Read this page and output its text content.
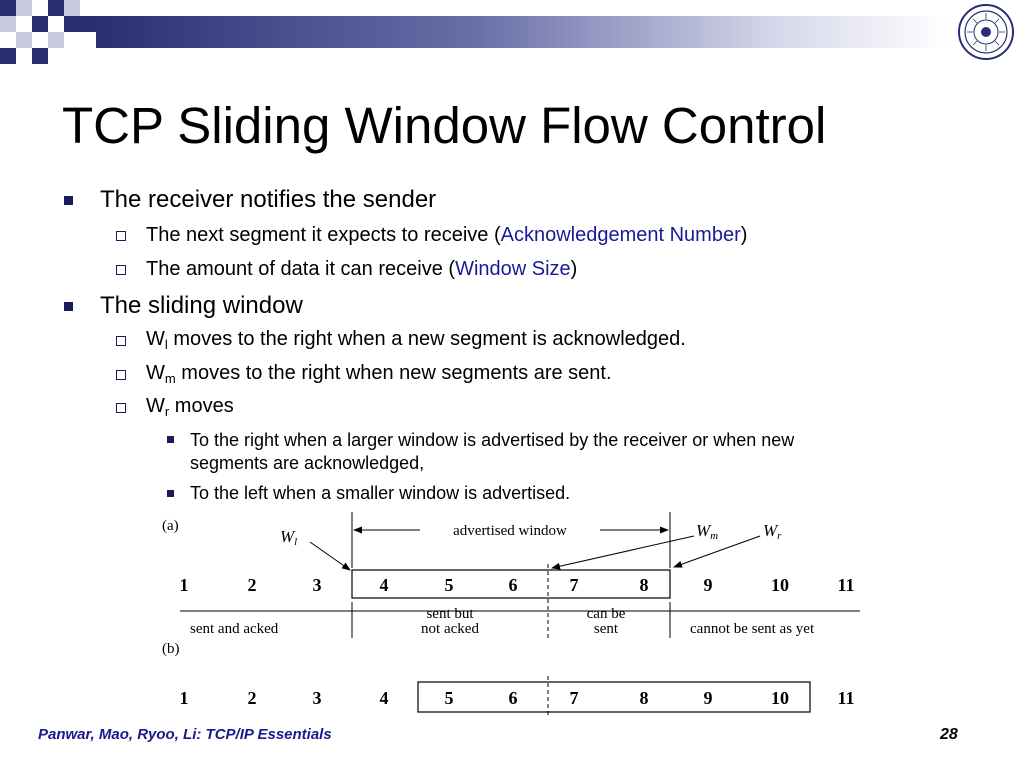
TCP Sliding Window Flow Control
The receiver notifies the sender
The next segment it expects to receive (Acknowledgement Number)
The amount of data it can receive (Window Size)
The sliding window
$W_l$ moves to the right when a new segment is acknowledged.
$W_m$ moves to the right when new segments are sent.
$W_r$ moves
To the right when a larger window is advertised by the receiver or when new
segments are acknowledged,
To the left when a smaller window is advertised.
(a)
(b)
advertised window
Wl
Wm	Wr
1	2	3	4	5	6	7	8	9	10	11
sent and acked
sent but
not acked
can be
sent	cannot be sent as yet
1	2	3	4	5	6	7	8	9	10	11
Panwar, Mao, Ryoo, Li: TCP/IP Essentials	28
